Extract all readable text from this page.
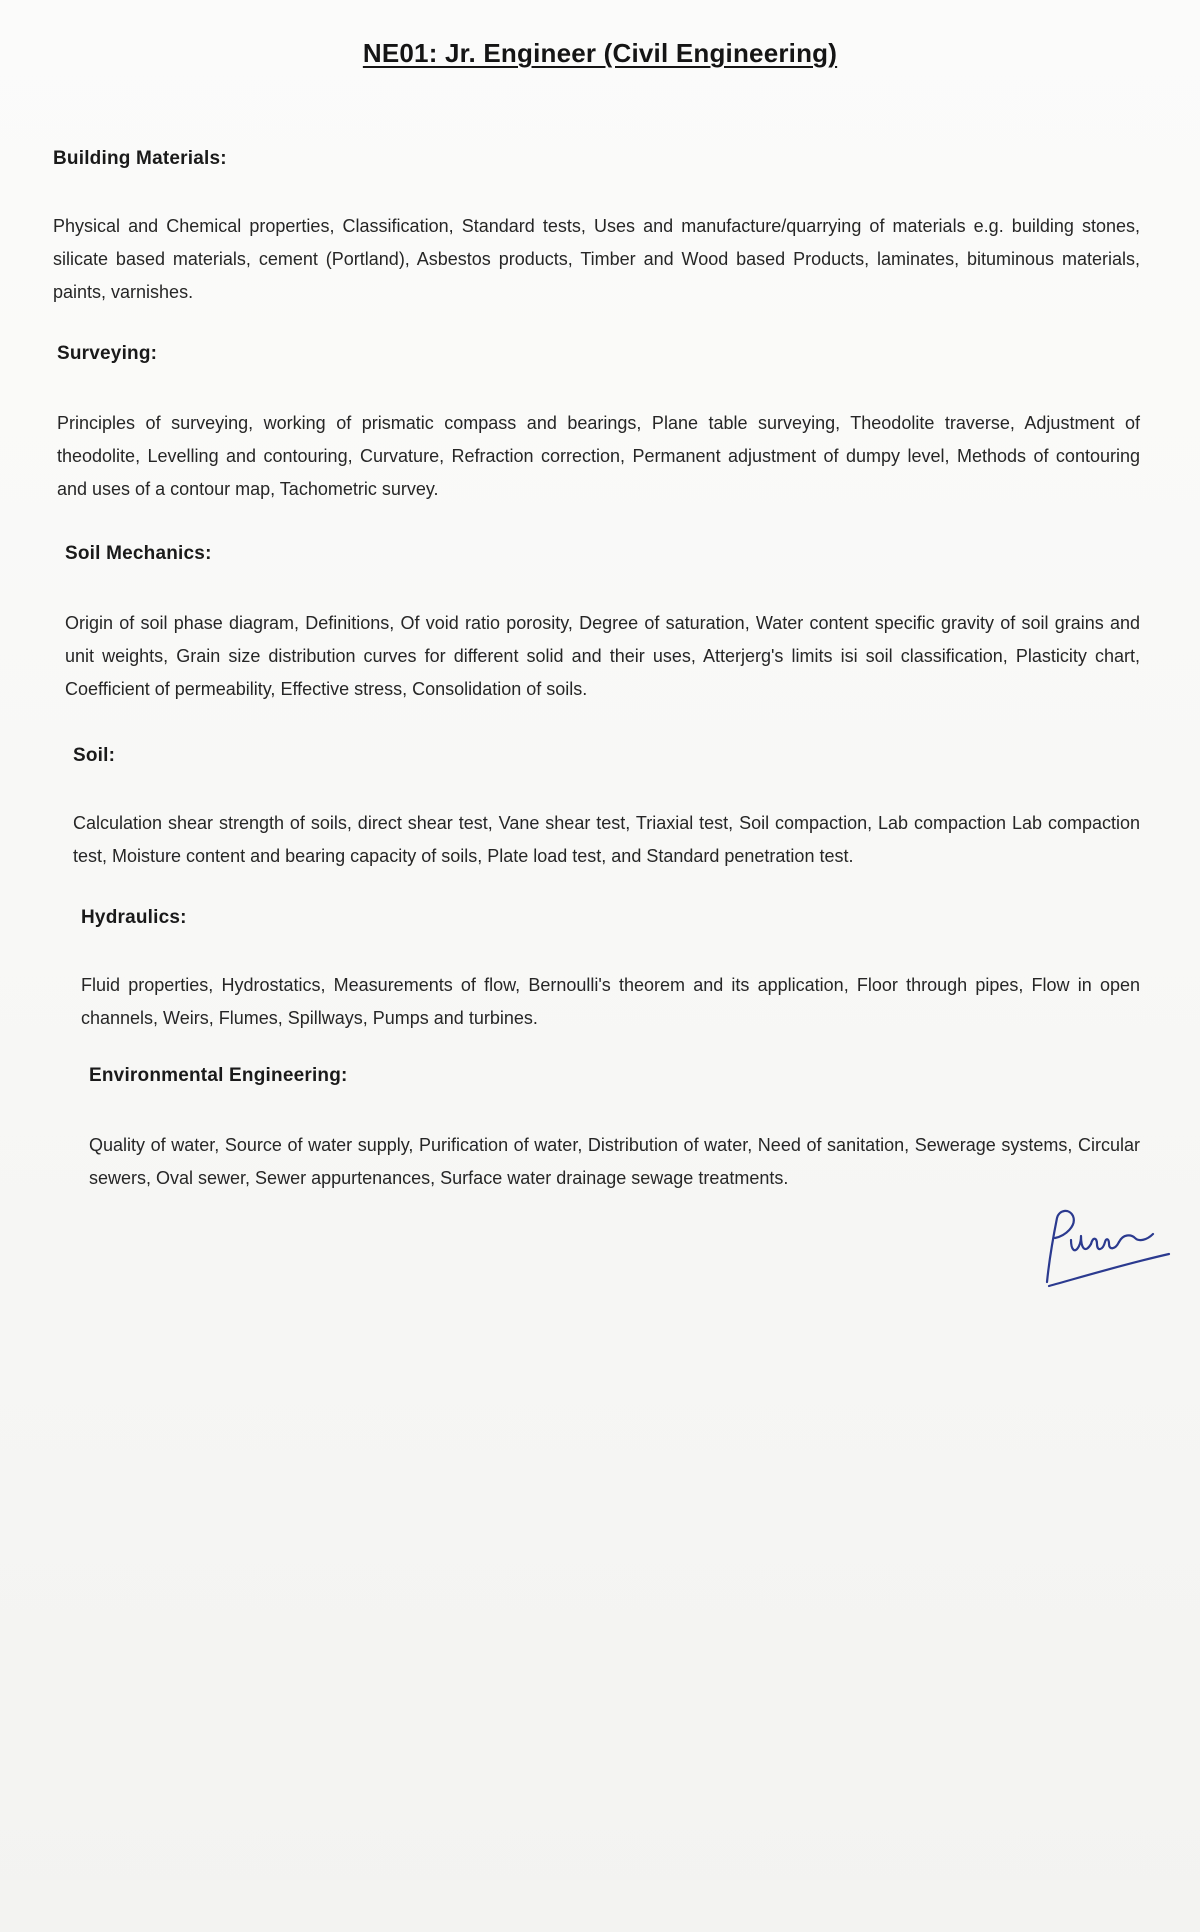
NE01: Jr. Engineer (Civil Engineering)

Building Materials:

Physical and Chemical properties, Classification, Standard tests, Uses and manufacture/quarrying of materials e.g. building stones, silicate based materials, cement (Portland), Asbestos products, Timber and Wood based Products, laminates, bituminous materials, paints, varnishes.

Surveying:

Principles of surveying, working of prismatic compass and bearings, Plane table surveying, Theodolite traverse, Adjustment of theodolite, Levelling and contouring, Curvature, Refraction correction, Permanent adjustment of dumpy level, Methods of contouring and uses of a contour map, Tachometric survey.

Soil Mechanics:

Origin of soil phase diagram, Definitions, Of void ratio porosity, Degree of saturation, Water content specific gravity of soil grains and unit weights, Grain size distribution curves for different solid and their uses, Atterjerg's limits isi soil classification, Plasticity chart, Coefficient of permeability, Effective stress, Consolidation of soils.

Soil:

Calculation shear strength of soils, direct shear test, Vane shear test, Triaxial test, Soil compaction, Lab compaction Lab compaction test, Moisture content and bearing capacity of soils, Plate load test, and Standard penetration test.

Hydraulics:

Fluid properties, Hydrostatics, Measurements of flow, Bernoulli's theorem and its application, Floor through pipes, Flow in open channels, Weirs, Flumes, Spillways, Pumps and turbines.

Environmental Engineering:

Quality of water, Source of water supply, Purification of water, Distribution of water, Need of sanitation, Sewerage systems, Circular sewers, Oval sewer, Sewer appurtenances, Surface water drainage sewage treatments.
